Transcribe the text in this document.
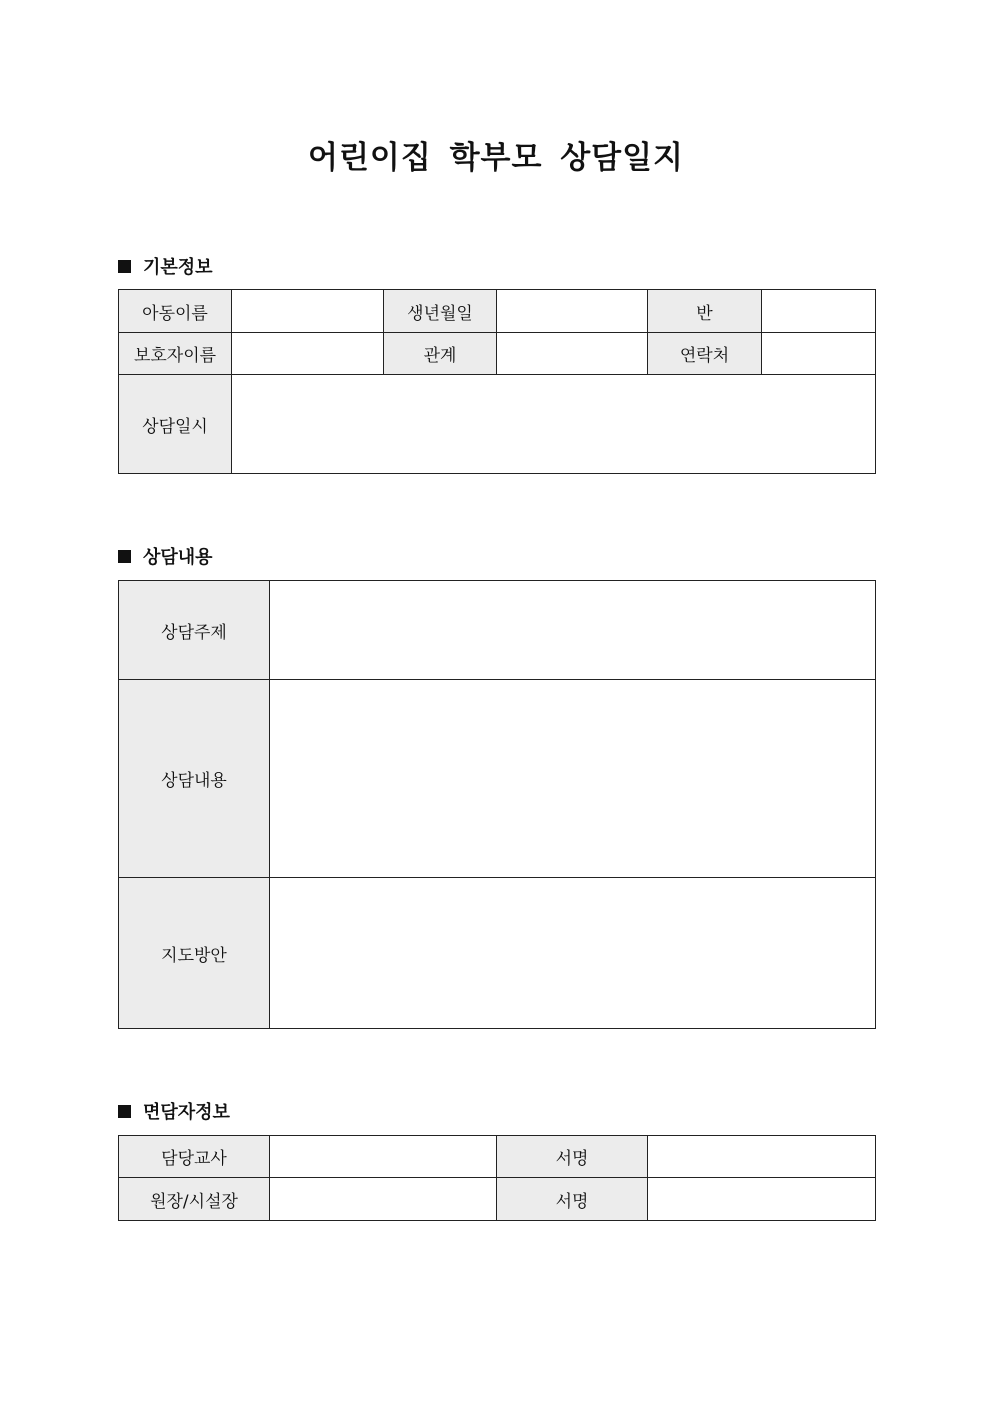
어린이집 학부모 상담일지
기본정보
아동이름		생년월일		반	
보호자이름		관계		연락처	
상담일시					
상담내용
상담주제	
상담내용	
지도방안	
면담자정보
담당교사		서명	
원장/시설장		서명	
